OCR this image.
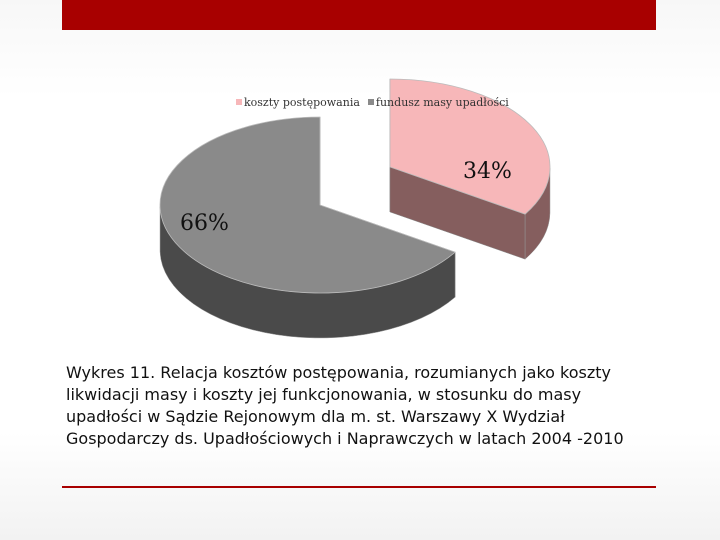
34%
66%
koszty postępowania fundusz masy upadłości
Wykres 11. Relacja kosztów postępowania, rozumianych jako koszty likwidacji masy i koszty jej funkcjonowania, w stosunku do masy upadłości w Sądzie Rejonowym dla m. st. Warszawy X Wydział Gospodarczy ds. Upadłościowych i Naprawczych w latach 2004 -2010
